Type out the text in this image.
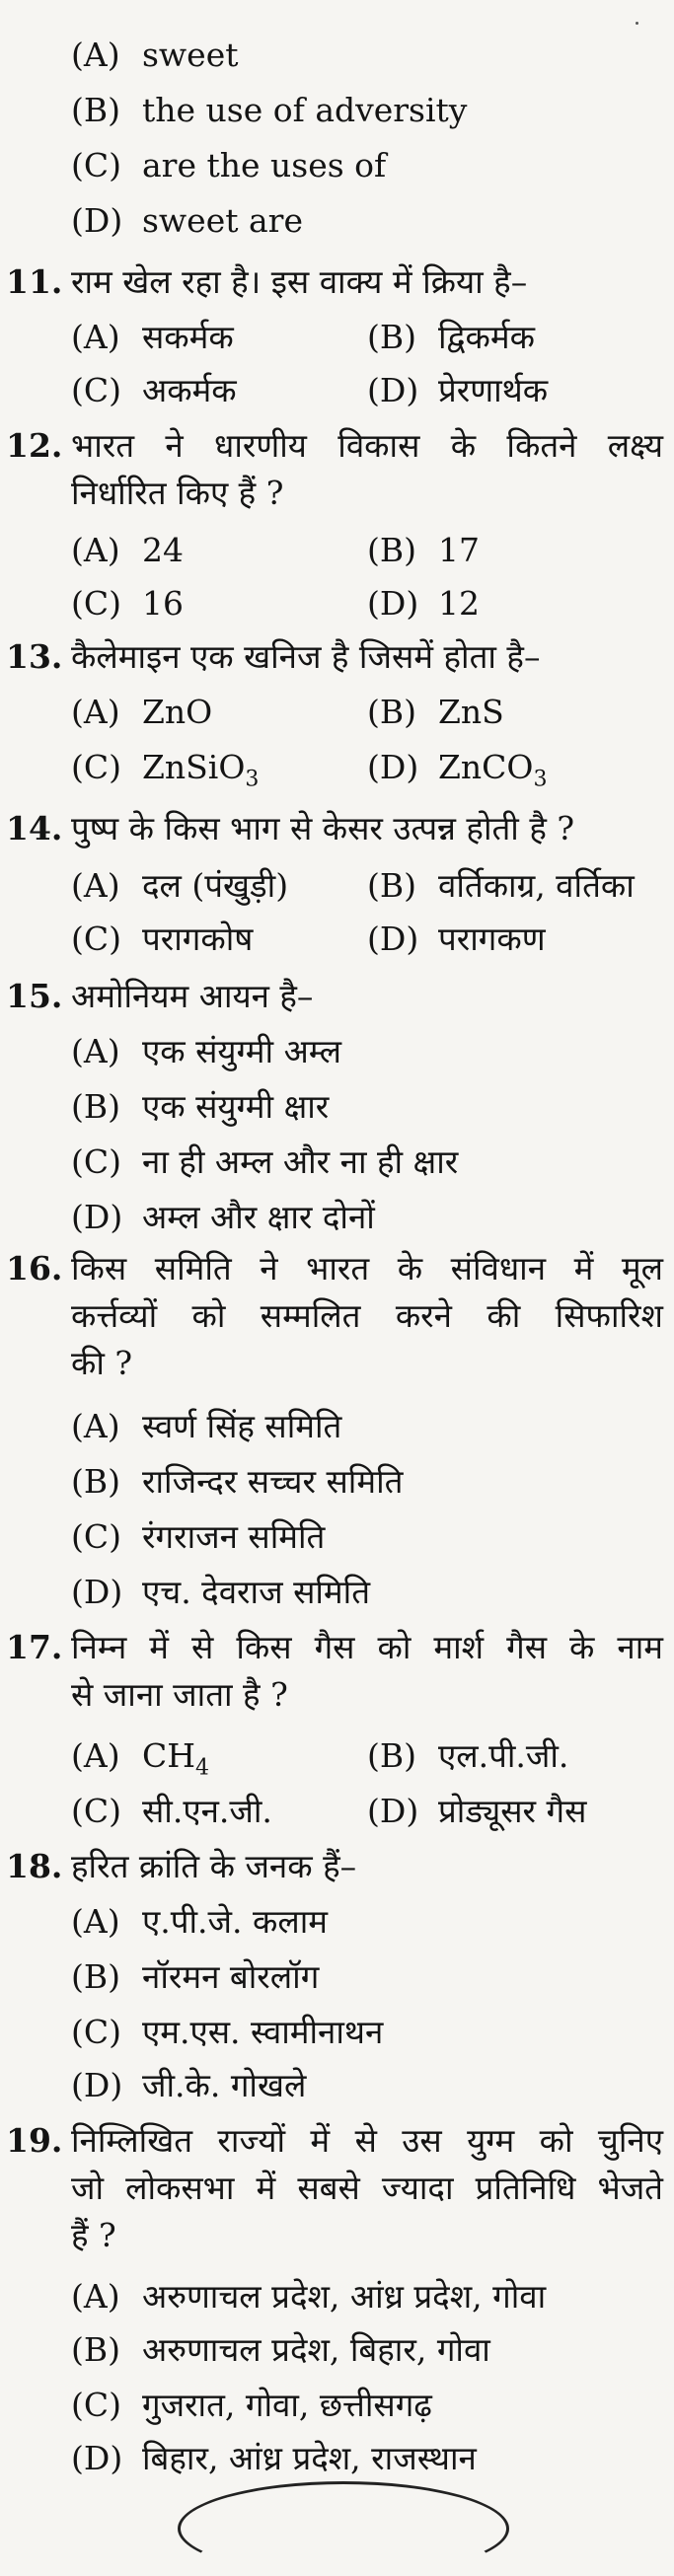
(A) sweet
(B) the use of adversity
(C) are the uses of
(D) sweet are
11. राम खेल रहा है। इस वाक्य में क्रिया है–
(A) सकर्मक	(B) द्विकर्मक
(C) अकर्मक	(D) प्रेरणार्थक
12. भारत ने धारणीय विकास के कितने लक्ष्य
निर्धारित किए हैं ?
(A) 24	(B) 17
(C) 16	(D) 12
13. कैलेमाइन एक खनिज है जिसमें होता है–
(A) ZnO	(B) ZnS
(C) ZnSiO$_3$	(D) ZnCO$_3$
14. पुष्प के किस भाग से केसर उत्पन्न होती है ?
(A) दल (पंखुड़ी) (B) वर्तिकाग्र, वर्तिका
(C) परागकोष	(D) परागकण
15. अमोनियम आयन है–
(A) एक संयुग्मी अम्ल
(B) एक संयुग्मी क्षार
(C) ना ही अम्ल और ना ही क्षार
(D) अम्ल और क्षार दोनों
16. किस समिति ने भारत के संविधान में मूल
कर्त्तव्यों को सम्मलित करने की सिफारिश
की ?
(A) स्वर्ण सिंह समिति
(B) राजिन्दर सच्चर समिति
(C) रंगराजन समिति
(D) एच. देवराज समिति
17. निम्न में से किस गैस को मार्श गैस के नाम
से जाना जाता है ?
(A) $CH_4$	(B) एल.पी.जी.
(C) सी.एन.जी.	(D) प्रोड्यूसर गैस
18. हरित क्रांति के जनक हैं–
(A) ए.पी.जे. कलाम
(B) नॉरमन बोरलॉग
(C) एम.एस. स्वामीनाथन
(D) जी.के. गोखले
19. निम्लिखित राज्यों में से उस युग्म को चुनिए
जो लोकसभा में सबसे ज्यादा प्रतिनिधि भेजते
हैं ?
(A) अरुणाचल प्रदेश, आंध्र प्रदेश, गोवा
(B) अरुणाचल प्रदेश, बिहार, गोवा
(C) गुजरात, गोवा, छत्तीसगढ़
(D) बिहार, आंध्र प्रदेश, राजस्थान
